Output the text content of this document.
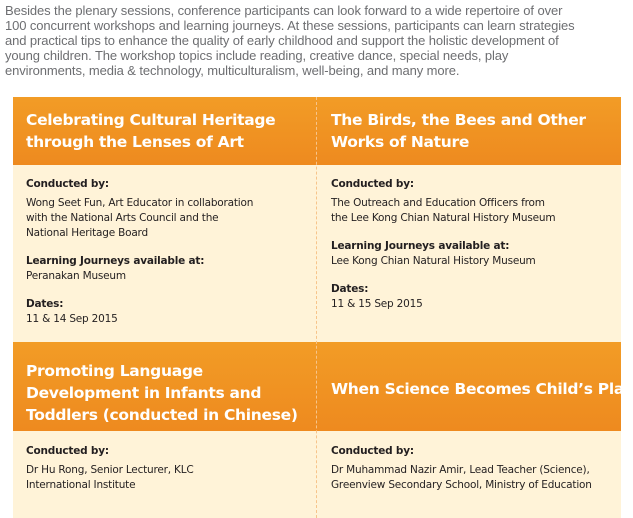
Besides the plenary sessions, conference participants can look forward to a wide repertoire of over
100 concurrent workshops and learning journeys. At these sessions, participants can learn strategies
and practical tips to enhance the quality of early childhood and support the holistic development of
young children. The workshop topics include reading, creative dance, special needs, play
environments, media & technology, multiculturalism, well-being, and many more.
Celebrating Cultural Heritage
through the Lenses of Art
Conducted by:
Wong Seet Fun, Art Educator in collaboration
with the National Arts Council and the
National Heritage Board
Learning Journeys available at:
Peranakan Museum
Dates:
11 & 14 Sep 2015
The Birds, the Bees and Other
Works of Nature
Conducted by:
The Outreach and Education Officers from
the Lee Kong Chian Natural History Museum
Learning Journeys available at:
Lee Kong Chian Natural History Museum
Dates:
11 & 15 Sep 2015
Promoting Language
Development in Infants and
Toddlers (conducted in Chinese)
Conducted by:
Dr Hu Rong, Senior Lecturer, KLC
International Institute
When Science Becomes Child’s Play
Conducted by:
Dr Muhammad Nazir Amir, Lead Teacher (Science),
Greenview Secondary School, Ministry of Education
